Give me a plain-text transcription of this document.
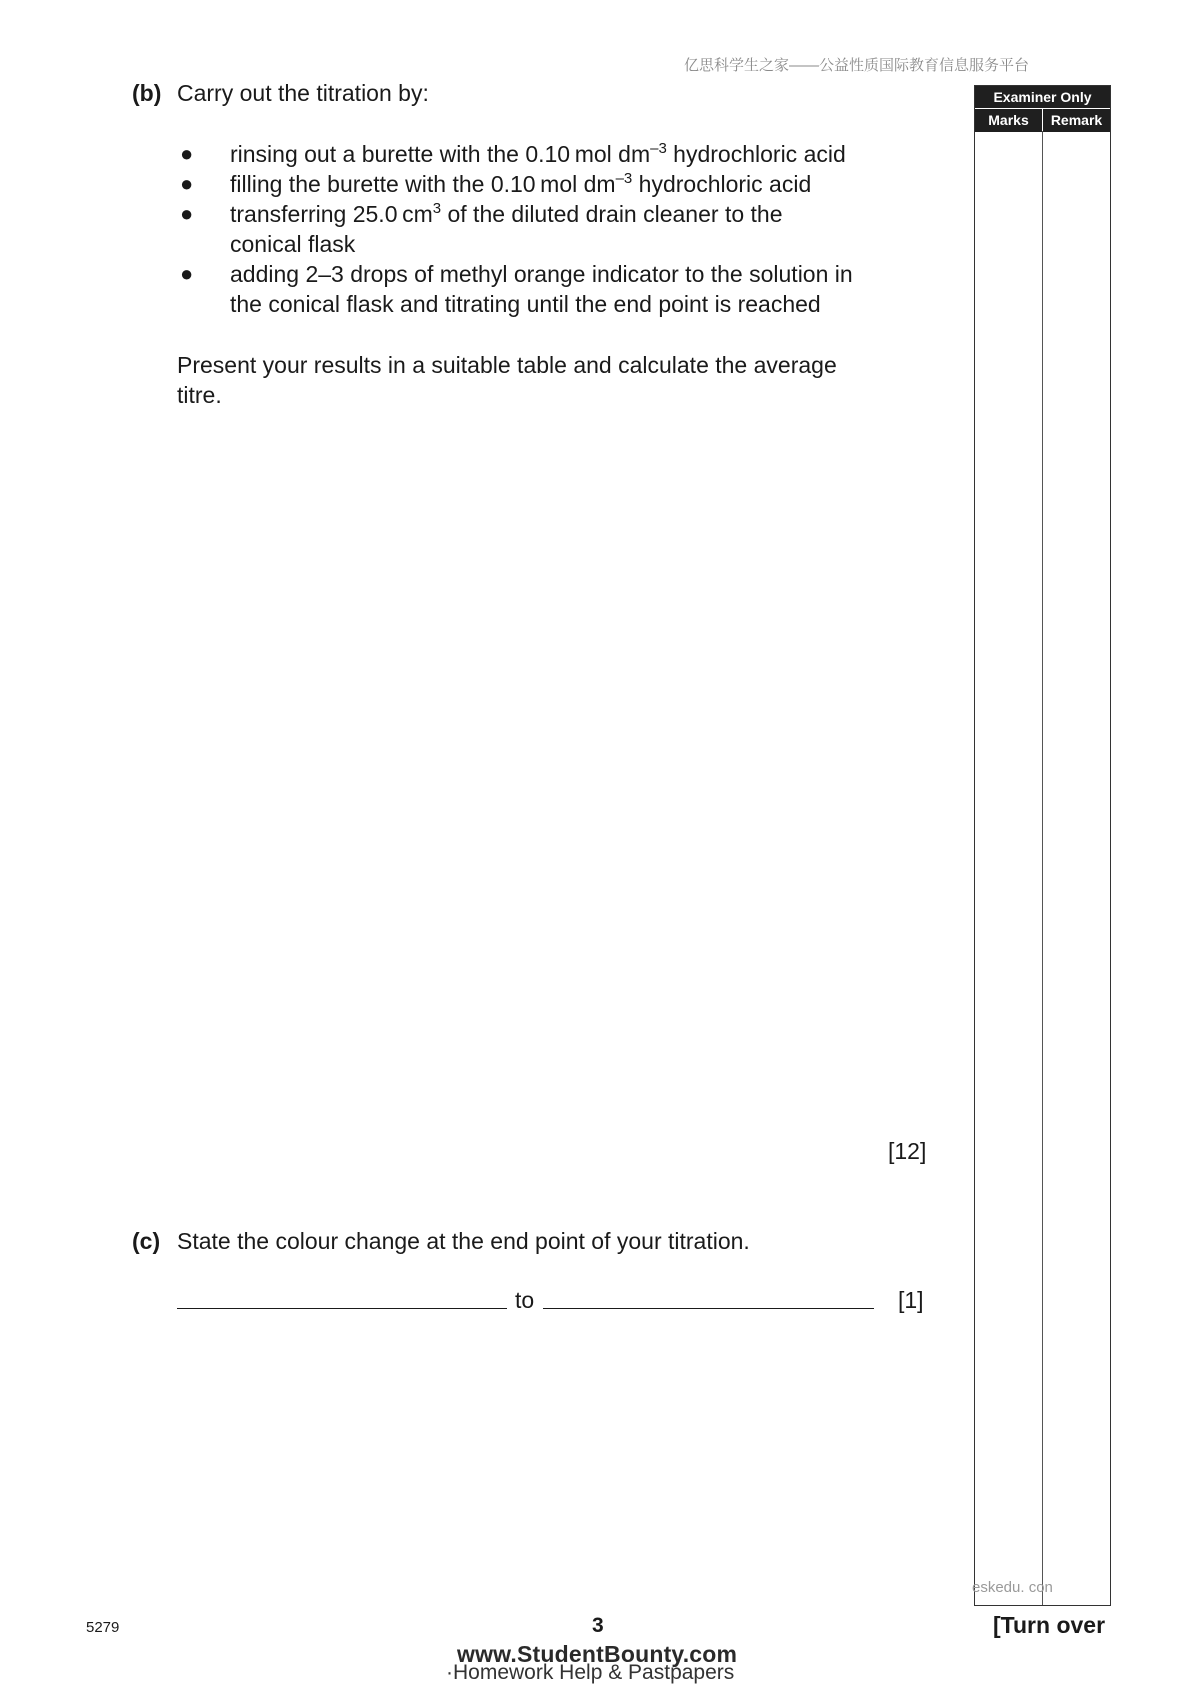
亿思科学生之家——公益性质国际教育信息服务平台
(b) Carry out the titration by:
● rinsing out a burette with the 0.10 mol $dm^{-3}$ hydrochloric acid
● filling the burette with the 0.10 mol $dm^{-3}$ hydrochloric acid
● transferring 25.0 $cm^3$ of the diluted drain cleaner to the
conical flask
● adding 2–3 drops of methyl orange indicator to the solution in
the conical flask and titrating until the end point is reached
Present your results in a suitable table and calculate the average
titre.
[12]
(c) State the colour change at the end point of your titration.
to	[1]
Examiner Only
Marks	Remark
eskedu. con
5279	3	[Turn over
www.StudentBounty.com
·Homework Help & Pastpapers
